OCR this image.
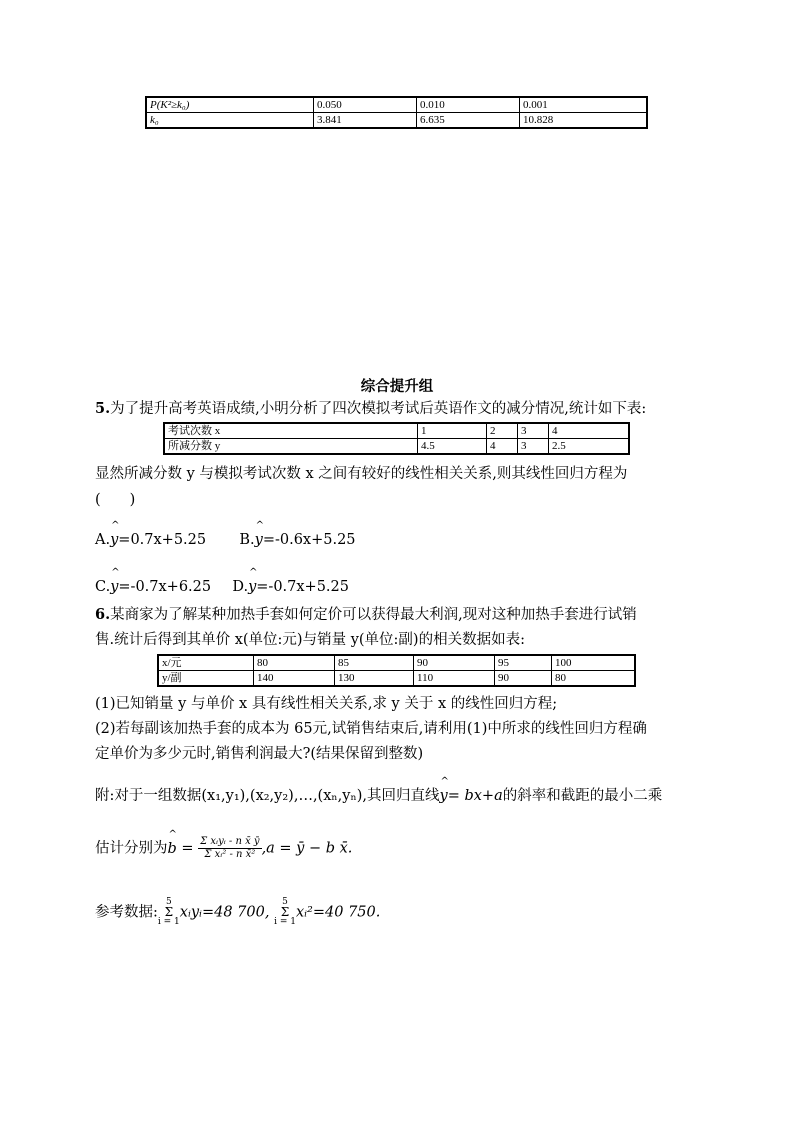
P(K²≥k₀)	0.050	0.010	0.001
k₀	3.841	6.635	10.828
综合提升组
5.为了提升高考英语成绩,小明分析了四次模拟考试后英语作文的减分情况,统计如下表:
考试次数 x	1	2	3	4
所减分数 y	4.5	4	3	2.5
显然所减分数 y 与模拟考试次数 x 之间有较好的线性相关关系,则其线性回归方程为
(　　)
A.^ y=0.7x+5.25 B.^ y=-0.6x+5.25
C.^ y=-0.7x+6.25 D.^ y=-0.7x+5.25
6.某商家为了解某种加热手套如何定价可以获得最大利润,现对这种加热手套进行试销
售.统计后得到其单价 x(单位:元)与销量 y(单位:副)的相关数据如表:
x/元	80	85	90	95	100
y/副	140	130	110	90	80
(1)已知销量 y 与单价 x 具有线性相关关系,求 y 关于 x 的线性回归方程;
(2)若每副该加热手套的成本为 65元,试销售结束后,请利用(1)中所求的线性回归方程确
定单价为多少元时,销售利润最大?(结果保留到整数)
附:对于一组数据(x₁,y₁),(x₂,y₂),…,(xₙ,yₙ),其回归直线^ y= bx+a的斜率和截距的最小二乘
估计分别为^ $b = \frac{\text{Σ xᵢyᵢ - n x̄ ȳ}}{\text{Σ xᵢ² - n x̄²}} ,a$ = ȳ − b x̄.
参考数据:
5
Σ
i = 1
xᵢyᵢ=48 700,
5
Σ
i = 1
xᵢ²=40 750.
